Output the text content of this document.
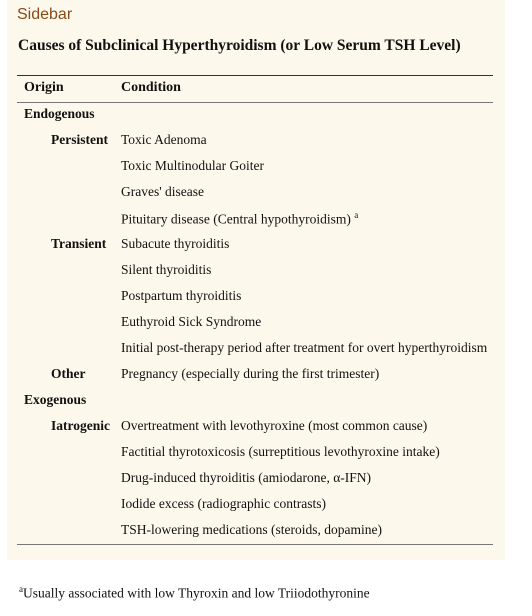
Sidebar
Causes of Subclinical Hyperthyroidism (or Low Serum TSH Level)
Origin	Condition
Endogenous
Persistent Toxic Adenoma
Toxic Multinodular Goiter
Graves' disease
Pituitary disease (Central hypothyroidism) $^a$
Transient Subacute thyroiditis
Silent thyroiditis
Postpartum thyroiditis
Euthyroid Sick Syndrome
Initial post-therapy period after treatment for overt hyperthyroidism
Other	Pregnancy (especially during the first trimester)
Exogenous
Iatrogenic Overtreatment with levothyroxine (most common cause)
Factitial thyrotoxicosis (surreptitious levothyroxine intake)
Drug-induced thyroiditis (amiodarone, α-IFN)
Iodide excess (radiographic contrasts)
TSH-lowering medications (steroids, dopamine)
$^a$Usually associated with low Thyroxin and low Triiodothyronine
